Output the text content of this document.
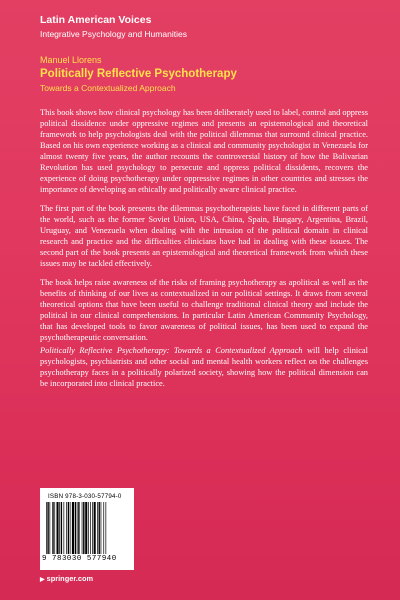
Latin American Voices
Integrative Psychology and Humanities
Manuel Llorens
Politically Reflective Psychotherapy
Towards a Contextualized Approach

This book shows how clinical psychology has been deliberately used to label, control and oppress political dissidence under oppressive regimes and presents an epistemological and theoretical framework to help psychologists deal with the political dilemmas that surround clinical practice. Based on his own experience working as a clinical and community psychologist in Venezuela for almost twenty five years, the author recounts the controversial history of how the Bolivarian Revolution has used psychology to persecute and oppress political dissidents, recovers the experience of doing psychotherapy under oppressive regimes in other countries and stresses the importance of developing an ethically and politically aware clinical practice.

The first part of the book presents the dilemmas psychotherapists have faced in different parts of the world, such as the former Soviet Union, USA, China, Spain, Hungary, Argentina, Brazil, Uruguay, and Venezuela when dealing with the intrusion of the political domain in clinical research and practice and the difficulties clinicians have had in dealing with these issues. The second part of the book presents an epistemological and theoretical framework from which these issues may be tackled effectively.

The book helps raise awareness of the risks of framing psychotherapy as apolitical as well as the benefits of thinking of our lives as contextualized in our political settings. It draws from several theoretical options that have been useful to challenge traditional clinical theory and include the political in our clinical comprehensions. In particular Latin American Community Psychology, that has developed tools to favor awareness of political issues, has been used to expand the psychotherapeutic conversation.

Politically Reflective Psychotherapy: Towards a Contextualized Approach will help clinical psychologists, psychiatrists and other social and mental health workers reflect on the challenges psychotherapy faces in a politically polarized society, showing how the political dimension can be incorporated into clinical practice.

ISBN 978-3-030-57794-0
9 783030 577940
▶ springer.com
